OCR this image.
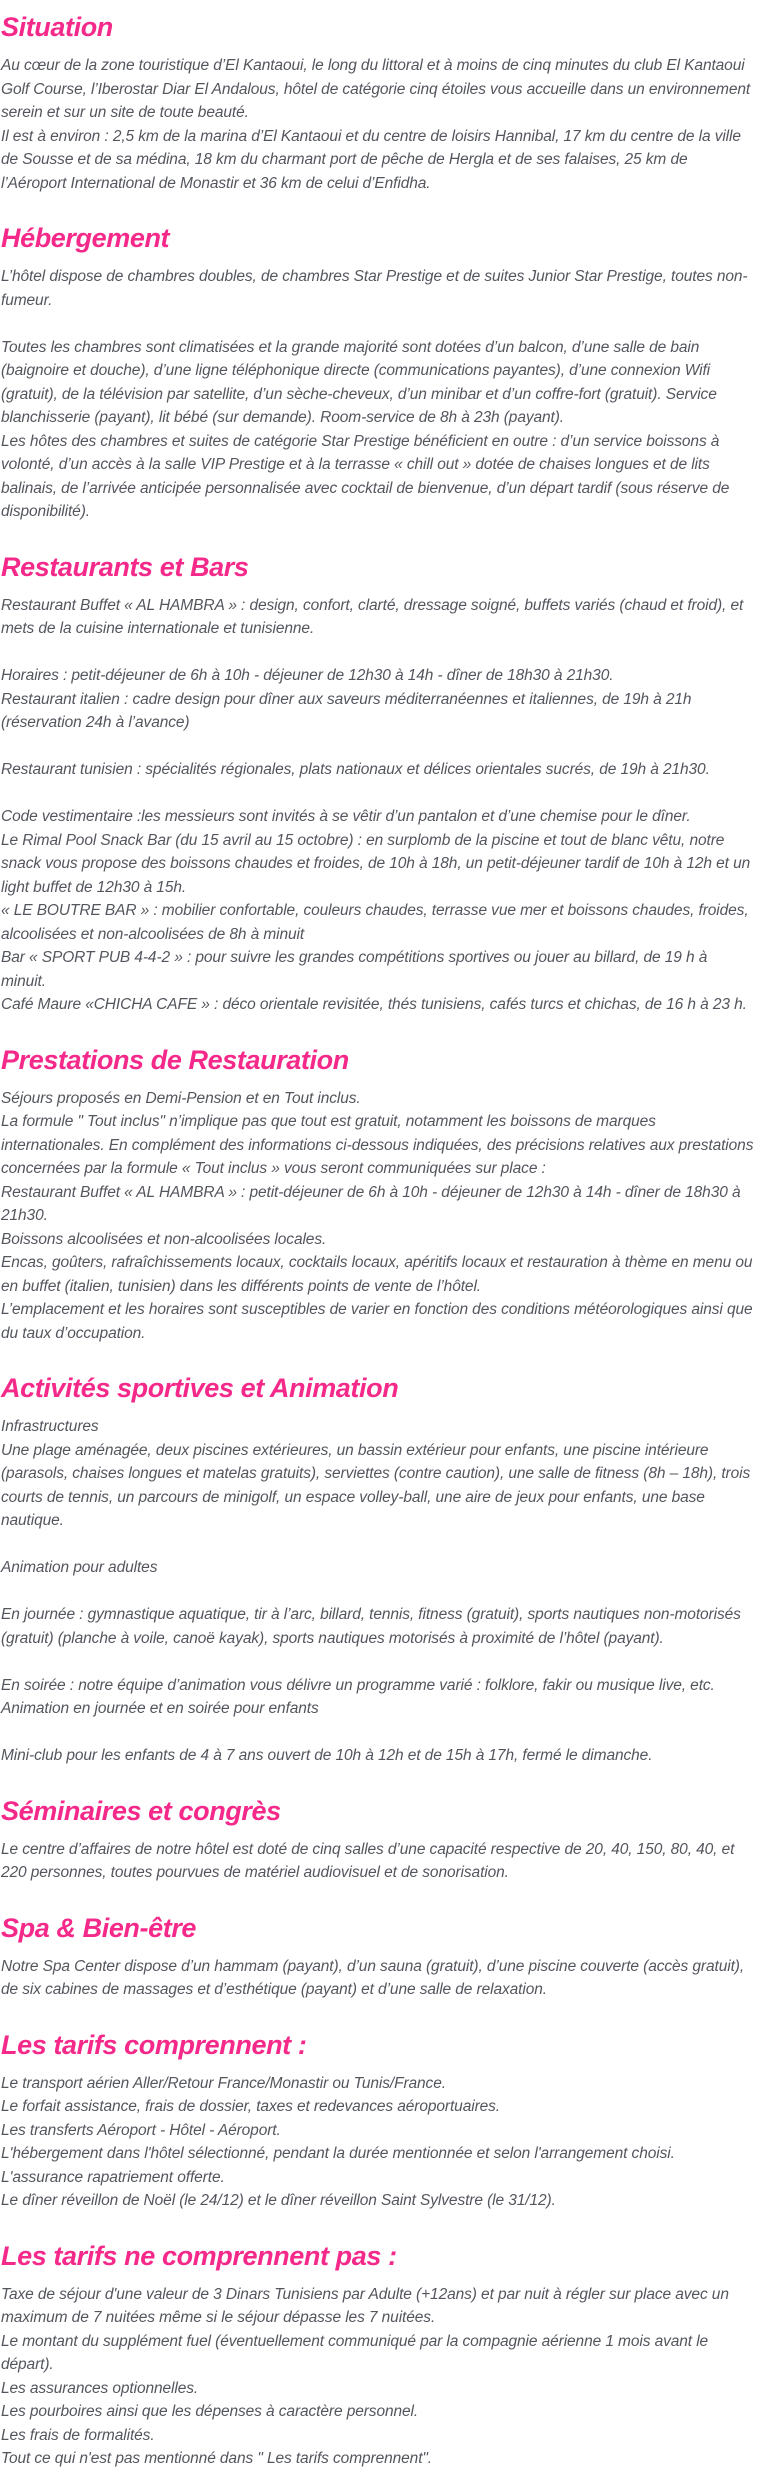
Situation

Au cœur de la zone touristique d’El Kantaoui, le long du littoral et à moins de cinq minutes du club El Kantaoui Golf Course, l’Iberostar Diar El Andalous, hôtel de catégorie cinq étoiles vous accueille dans un environnement serein et sur un site de toute beauté.

Il est à environ : 2,5 km de la marina d’El Kantaoui et du centre de loisirs Hannibal, 17 km du centre de la ville de Sousse et de sa médina, 18 km du charmant port de pêche de Hergla et de ses falaises, 25 km de l’Aéroport International de Monastir et 36 km de celui d’Enfidha.

Hébergement

L’hôtel dispose de chambres doubles, de chambres Star Prestige et de suites Junior Star Prestige, toutes non-fumeur.

Toutes les chambres sont climatisées et la grande majorité sont dotées d’un balcon, d’une salle de bain (baignoire et douche), d’une ligne téléphonique directe (communications payantes), d’une connexion Wifi (gratuit), de la télévision par satellite, d’un sèche-cheveux, d’un minibar et d’un coffre-fort (gratuit). Service blanchisserie (payant), lit bébé (sur demande). Room-service de 8h à 23h (payant).

Les hôtes des chambres et suites de catégorie Star Prestige bénéficient en outre : d’un service boissons à volonté, d’un accès à la salle VIP Prestige et à la terrasse « chill out » dotée de chaises longues et de lits balinais, de l’arrivée anticipée personnalisée avec cocktail de bienvenue, d’un départ tardif (sous réserve de disponibilité).

Restaurants et Bars

Restaurant Buffet « AL HAMBRA » : design, confort, clarté, dressage soigné, buffets variés (chaud et froid), et mets de la cuisine internationale et tunisienne.

Horaires : petit-déjeuner de 6h à 10h - déjeuner de 12h30 à 14h - dîner de 18h30 à 21h30.

Restaurant italien : cadre design pour dîner aux saveurs méditerranéennes et italiennes, de 19h à 21h (réservation 24h à l’avance)

Restaurant tunisien : spécialités régionales, plats nationaux et délices orientales sucrés, de 19h à 21h30.

Code vestimentaire :les messieurs sont invités à se vêtir d’un pantalon et d’une chemise pour le dîner.

Le Rimal Pool Snack Bar (du 15 avril au 15 octobre) : en surplomb de la piscine et tout de blanc vêtu, notre snack vous propose des boissons chaudes et froides, de 10h à 18h, un petit-déjeuner tardif de 10h à 12h et un light buffet de 12h30 à 15h.

« LE BOUTRE BAR » : mobilier confortable, couleurs chaudes, terrasse vue mer et boissons chaudes, froides, alcoolisées et non-alcoolisées de 8h à minuit

Bar « SPORT PUB 4-4-2 » : pour suivre les grandes compétitions sportives ou jouer au billard, de 19 h à minuit.

Café Maure «CHICHA CAFE » : déco orientale revisitée, thés tunisiens, cafés turcs et chichas, de 16 h à 23 h.

Prestations de Restauration

Séjours proposés en Demi-Pension et en Tout inclus.

La formule " Tout inclus" n’implique pas que tout est gratuit, notamment les boissons de marques internationales. En complément des informations ci-dessous indiquées, des précisions relatives aux prestations concernées par la formule « Tout inclus » vous seront communiquées sur place :

Restaurant Buffet « AL HAMBRA » : petit-déjeuner de 6h à 10h - déjeuner de 12h30 à 14h - dîner de 18h30 à 21h30.

Boissons alcoolisées et non-alcoolisées locales.

Encas, goûters, rafraîchissements locaux, cocktails locaux, apéritifs locaux et restauration à thème en menu ou en buffet (italien, tunisien) dans les différents points de vente de l’hôtel.

L’emplacement et les horaires sont susceptibles de varier en fonction des conditions météorologiques ainsi que du taux d’occupation.

Activités sportives et Animation

Infrastructures

Une plage aménagée, deux piscines extérieures, un bassin extérieur pour enfants, une piscine intérieure (parasols, chaises longues et matelas gratuits), serviettes (contre caution), une salle de fitness (8h – 18h), trois courts de tennis, un parcours de minigolf, un espace volley-ball, une aire de jeux pour enfants, une base nautique.

Animation pour adultes

En journée : gymnastique aquatique, tir à l’arc, billard, tennis, fitness (gratuit), sports nautiques non-motorisés (gratuit) (planche à voile, canoë kayak), sports nautiques motorisés à proximité de l’hôtel (payant).

En soirée : notre équipe d’animation vous délivre un programme varié : folklore, fakir ou musique live, etc.

Animation en journée et en soirée pour enfants

Mini-club pour les enfants de 4 à 7 ans ouvert de 10h à 12h et de 15h à 17h, fermé le dimanche.

Séminaires et congrès

Le centre d’affaires de notre hôtel est doté de cinq salles d’une capacité respective de 20, 40, 150, 80, 40, et 220 personnes, toutes pourvues de matériel audiovisuel et de sonorisation.

Spa & Bien-être

Notre Spa Center dispose d’un hammam (payant), d’un sauna (gratuit), d’une piscine couverte (accès gratuit), de six cabines de massages et d’esthétique (payant) et d’une salle de relaxation.

Les tarifs comprennent :

Le transport aérien Aller/Retour France/Monastir ou Tunis/France.

Le forfait assistance, frais de dossier, taxes et redevances aéroportuaires.

Les transferts Aéroport - Hôtel - Aéroport.

L'hébergement dans l'hôtel sélectionné, pendant la durée mentionnée et selon l'arrangement choisi.

L'assurance rapatriement offerte.

Le dîner réveillon de Noël (le 24/12) et le dîner réveillon Saint Sylvestre (le 31/12).

Les tarifs ne comprennent pas :

Taxe de séjour d'une valeur de 3 Dinars Tunisiens par Adulte (+12ans) et par nuit à régler sur place avec un maximum de 7 nuitées même si le séjour dépasse les 7 nuitées.

Le montant du supplément fuel (éventuellement communiqué par la compagnie aérienne 1 mois avant le départ).

Les assurances optionnelles.

Les pourboires ainsi que les dépenses à caractère personnel.

Les frais de formalités.

Tout ce qui n'est pas mentionné dans " Les tarifs comprennent".
